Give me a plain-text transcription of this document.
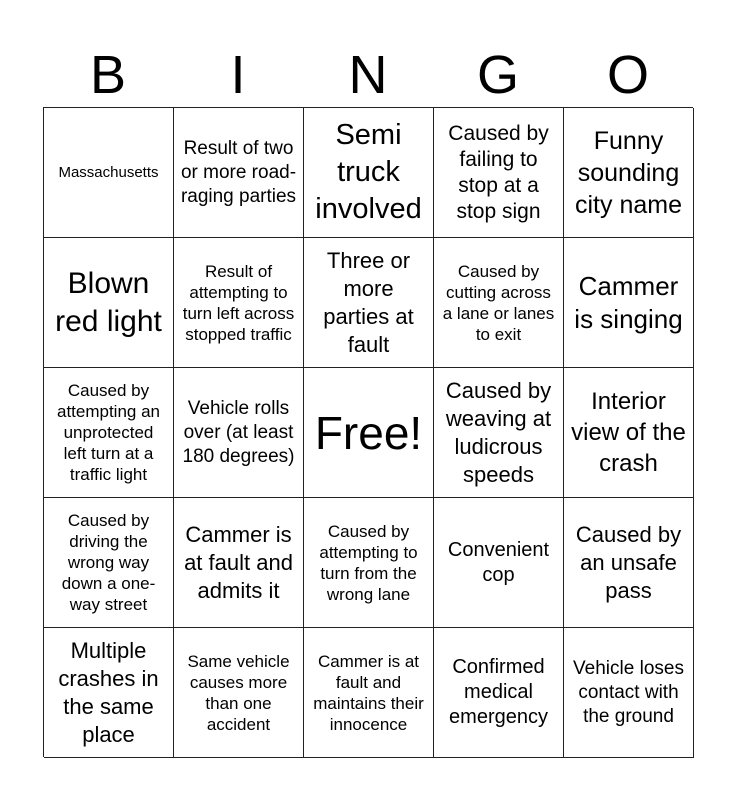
B	I	N	G	O
Massachusetts
Result of two or more road-raging parties
Semi truck involved
Caused by failing to stop at a stop sign
Funny sounding city name
Blown red light
Result of attempting to turn left across stopped traffic
Three or more parties at fault
Caused by cutting across a lane or lanes to exit
Cammer is singing
Caused by attempting an unprotected left turn at a traffic light
Vehicle rolls over (at least 180 degrees) Free!
Caused by weaving at ludicrous speeds
Interior view of the crash
Caused by driving the wrong way down a one-way street
Cammer is at fault and admits it
Caused by attempting to turn from the wrong lane
Convenient cop
Caused by an unsafe pass
Multiple crashes in the same place
Same vehicle causes more than one accident
Cammer is at fault and maintains their innocence
Confirmed medical emergency
Vehicle loses contact with the ground
